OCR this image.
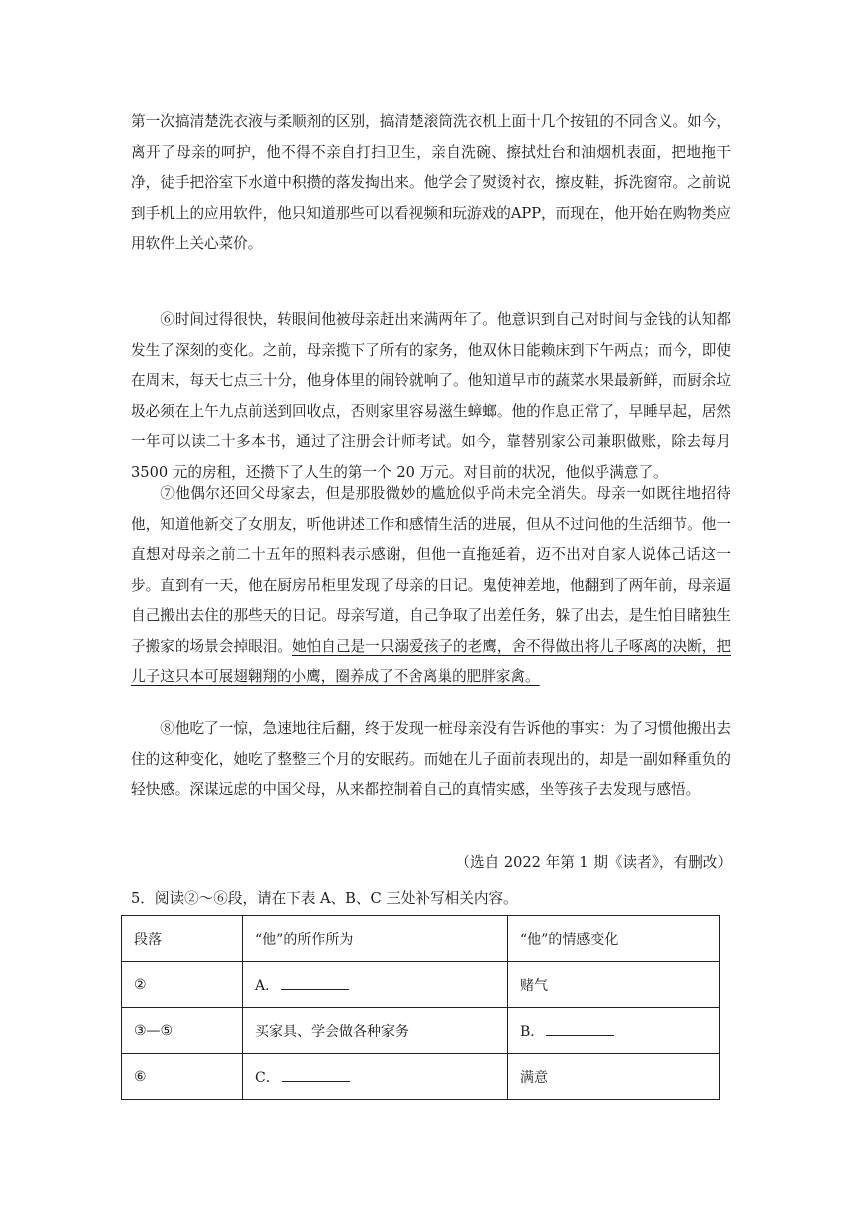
第一次搞清楚洗衣液与柔顺剂的区别，搞清楚滚筒洗衣机上面十几个按钮的不同含义。如今，离开了母亲的呵护，他不得不亲自打扫卫生，亲自洗碗、擦拭灶台和油烟机表面，把地拖干净，徒手把浴室下水道中积攒的落发掏出来。他学会了熨烫衬衣，擦皮鞋，拆洗窗帘。之前说到手机上的应用软件，他只知道那些可以看视频和玩游戏的APP，而现在，他开始在购物类应用软件上关心菜价。

⑥时间过得很快，转眼间他被母亲赶出来满两年了。他意识到自己对时间与金钱的认知都发生了深刻的变化。之前，母亲揽下了所有的家务，他双休日能赖床到下午两点；而今，即使在周末，每天七点三十分，他身体里的闹铃就响了。他知道早市的蔬菜水果最新鲜，而厨余垃圾必须在上午九点前送到回收点，否则家里容易滋生蟑螂。他的作息正常了，早睡早起，居然一年可以读二十多本书，通过了注册会计师考试。如今，靠替别家公司兼职做账，除去每月 3500 元的房租，还攒下了人生的第一个 20 万元。对目前的状况，他似乎满意了。

⑦他偶尔还回父母家去，但是那股微妙的尴尬似乎尚未完全消失。母亲一如既往地招待他，知道他新交了女朋友，听他讲述工作和感情生活的进展，但从不过问他的生活细节。他一直想对母亲之前二十五年的照料表示感谢，但他一直拖延着，迈不出对自家人说体己话这一步。直到有一天，他在厨房吊柜里发现了母亲的日记。鬼使神差地，他翻到了两年前，母亲逼自己搬出去住的那些天的日记。母亲写道，自己争取了出差任务，躲了出去，是生怕目睹独生子搬家的场景会掉眼泪。她怕自己是一只溺爱孩子的老鹰，舍不得做出将儿子啄离的决断，把儿子这只本可展翅翱翔的小鹰，圈养成了不舍离巢的肥胖家禽。

⑧他吃了一惊，急速地往后翻，终于发现一桩母亲没有告诉他的事实：为了习惯他搬出去住的这种变化，她吃了整整三个月的安眠药。而她在儿子面前表现出的，却是一副如释重负的轻快感。深谋远虑的中国父母，从来都控制着自己的真情实感，坐等孩子去发现与感悟。

（选自 2022 年第 1 期《读者》，有删改）
5．阅读②～⑥段，请在下表 A、B、C 三处补写相关内容。
段落	“他”的所作所为	“他”的情感变化
②	A．	赌气
③—⑤	买家具、学会做各种家务	B．
⑥	C．	满意
